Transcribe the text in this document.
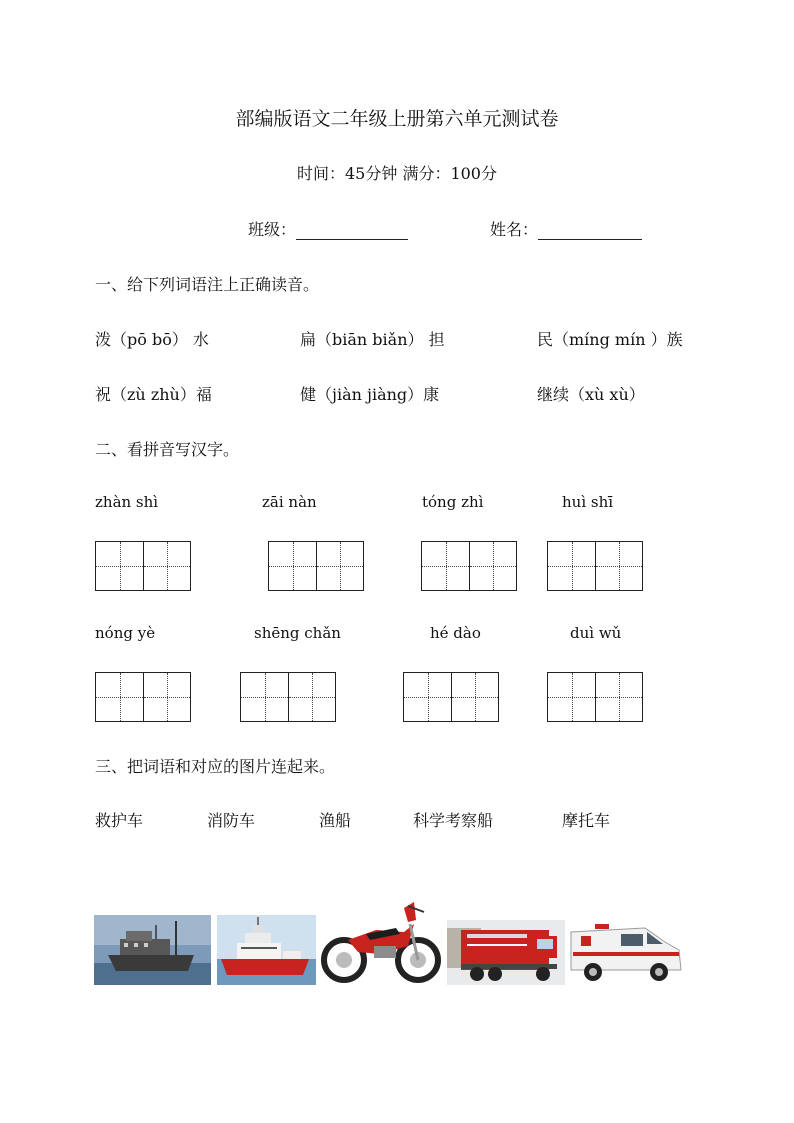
部编版语文二年级上册第六单元测试卷
时间：45分钟 满分：100分
班级：	姓名：
一、给下列词语注上正确读音。
泼（pō bō） 水	扁（biān biǎn） 担	民（míng mín ）族
祝（zù zhù）福	健（jiàn jiàng）康	继续（xù xù）
二、看拼音写汉字。
zhàn shì	zāi nàn	tóng zhì	huì shī
nóng yè	shēng chǎn	hé dào	duì wǔ
三、把词语和对应的图片连起来。
救护车	消防车	渔船	科学考察船	摩托车
